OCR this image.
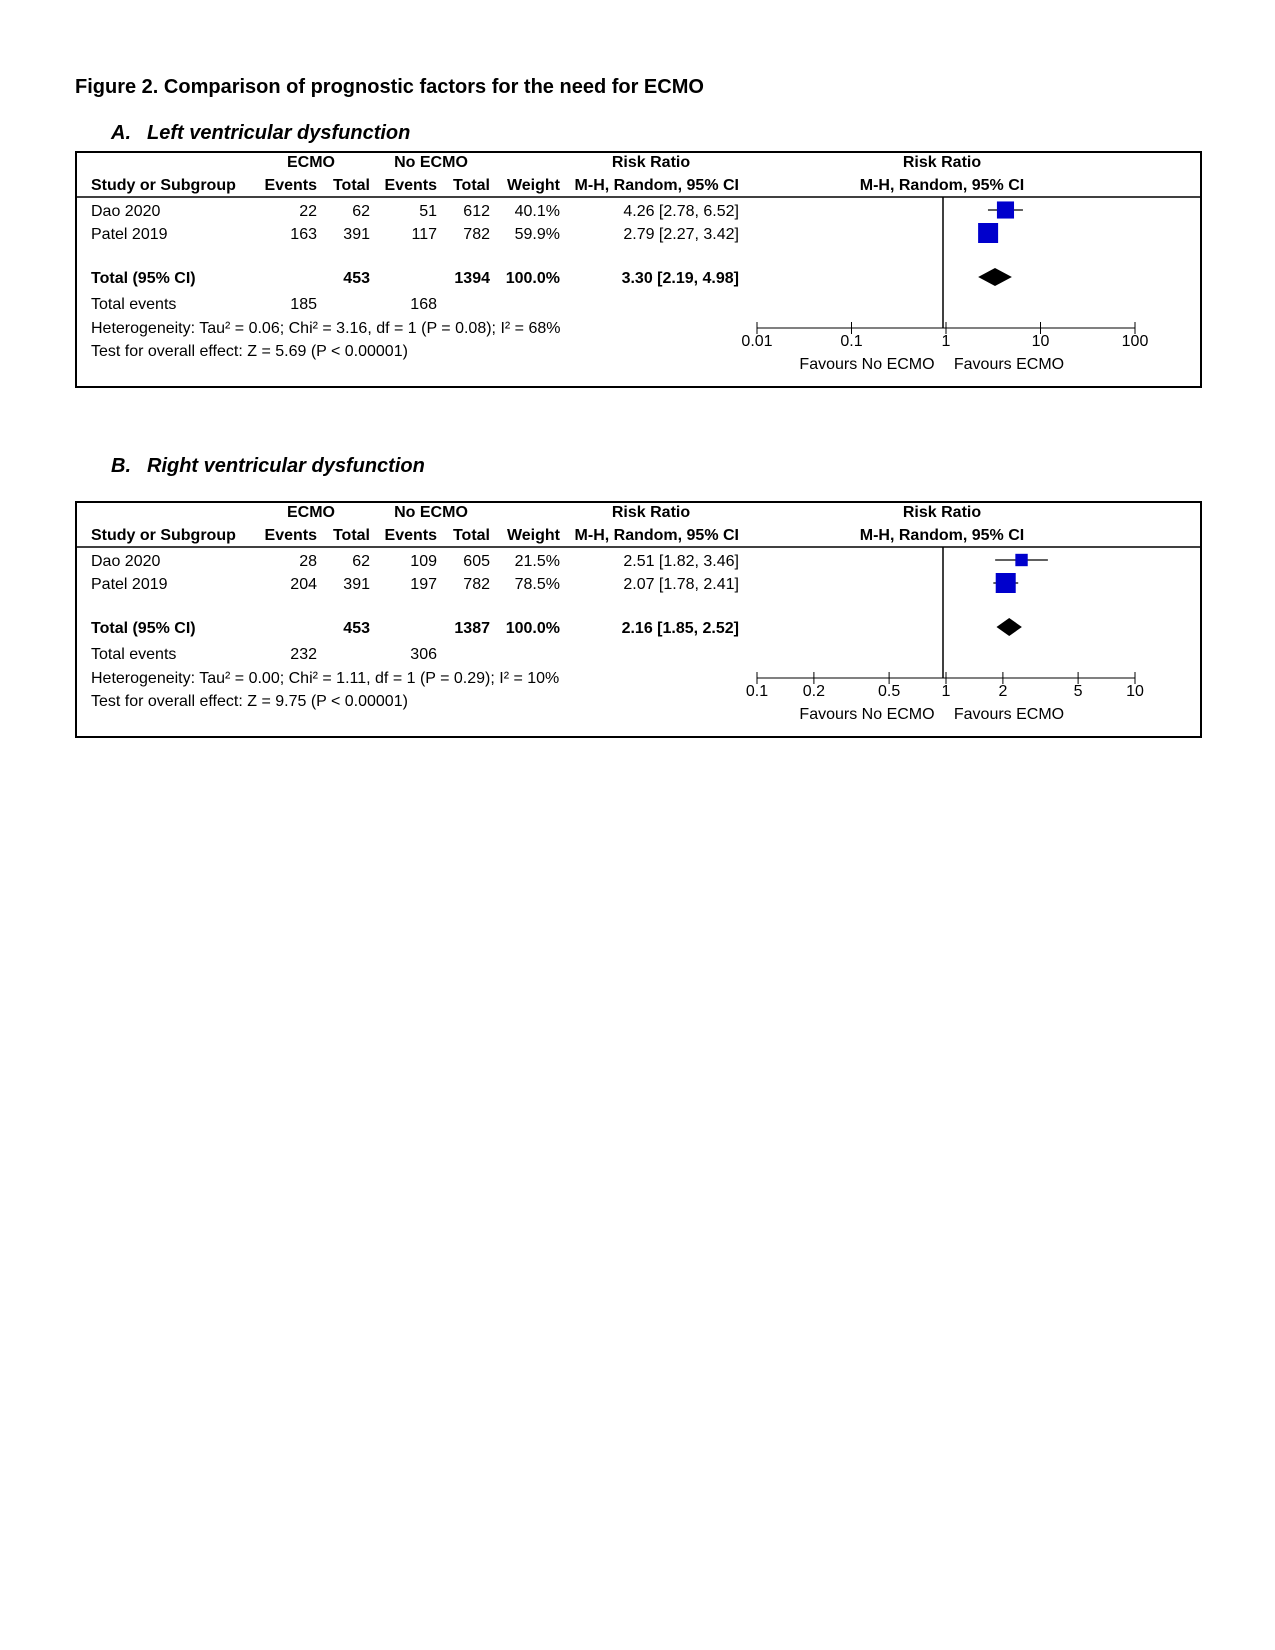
Figure 2. Comparison of prognostic factors for the need for ECMO
A. Left ventricular dysfunction
ECMO	No ECMO	Risk Ratio	Risk Ratio
Study or Subgroup Events Total Events Total Weight M-H, Random, 95% CI	M-H, Random, 95% CI
Dao 2020	22 62	51 612 40.1%	4.26 [2.78, 6.52]
Patel 2019	163 391	117 782 59.9%	2.79 [2.27, 3.42]
Total (95% CI)	453	1394 100.0%	3.30 [2.19, 4.98]
Total events	185	168
Heterogeneity: Tau² = 0.06; Chi² = 3.16, df = 1 (P = 0.08); I² = 68%
Test for overall effect: Z = 5.69 (P < 0.00001)
0.01	0.1	1	10	100
Favours No ECMO Favours ECMO
B. Right ventricular dysfunction
ECMO	No ECMO	Risk Ratio	Risk Ratio
Study or Subgroup Events Total Events Total Weight M-H, Random, 95% CI	M-H, Random, 95% CI
Dao 2020	28 62	109 605 21.5%	2.51 [1.82, 3.46]
Patel 2019	204 391	197 782 78.5%	2.07 [1.78, 2.41]
Total (95% CI)	453	1387 100.0%	2.16 [1.85, 2.52]
Total events	232	306
Heterogeneity: Tau² = 0.00; Chi² = 1.11, df = 1 (P = 0.29); I² = 10%
Test for overall effect: Z = 9.75 (P < 0.00001)
0.1 0.2	0.5	1	2	5	10
Favours No ECMO Favours ECMO
